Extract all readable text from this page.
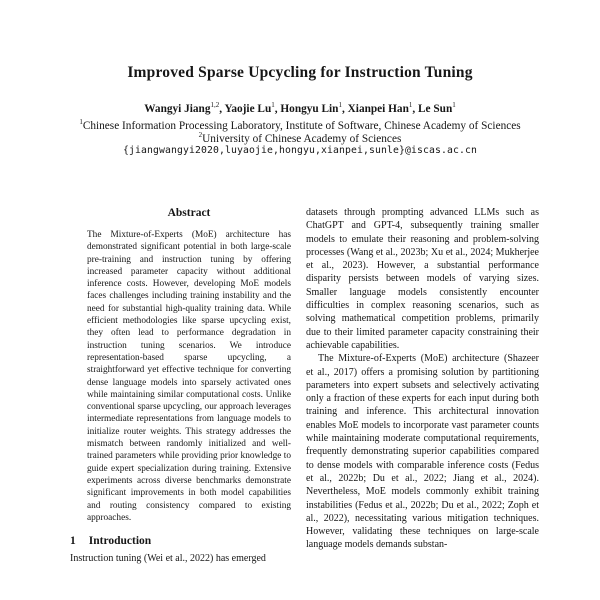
Improved Sparse Upcycling for Instruction Tuning
Wangyi Jiang$^{1,2}$, Yaojie Lu$^1$, Hongyu Lin$^1$, Xianpei Han$^1$, Le Sun$^1$
$^1$Chinese Information Processing Laboratory, Institute of Software, Chinese Academy of Sciences
$^2$University of Chinese Academy of Sciences
{jiangwangyi2020,luyaojie,hongyu,xianpei,sunle}@iscas.ac.cn
Abstract

The Mixture-of-Experts (MoE) architecture has demonstrated significant potential in both large-scale pre-training and instruction tuning by offering increased parameter capacity without additional inference costs. However, developing MoE models faces challenges including training instability and the need for substantial high-quality training data. While efficient methodologies like sparse upcycling exist, they often lead to performance degradation in instruction tuning scenarios. We introduce representation-based sparse upcycling, a straightforward yet effective technique for converting dense language models into sparsely activated ones while maintaining similar computational costs. Unlike conventional sparse upcycling, our approach leverages intermediate representations from language models to initialize router weights. This strategy addresses the mismatch between randomly initialized and well-trained parameters while providing prior knowledge to guide expert specialization during training. Extensive experiments across diverse benchmarks demonstrate significant improvements in both model capabilities and routing consistency compared to existing approaches.

1 Introduction

Instruction tuning (Wei et al., 2022) has emerged

datasets through prompting advanced LLMs such as ChatGPT and GPT-4, subsequently training smaller models to emulate their reasoning and problem-solving processes (Wang et al., 2023b; Xu et al., 2024; Mukherjee et al., 2023). However, a substantial performance disparity persists between models of varying sizes. Smaller language models consistently encounter difficulties in complex reasoning scenarios, such as solving mathematical competition problems, primarily due to their limited parameter capacity constraining their achievable capabilities.

The Mixture-of-Experts (MoE) architecture (Shazeer et al., 2017) offers a promising solution by partitioning parameters into expert subsets and selectively activating only a fraction of these experts for each input during both training and inference. This architectural innovation enables MoE models to incorporate vast parameter counts while maintaining moderate computational requirements, frequently demonstrating superior capabilities compared to dense models with comparable inference costs (Fedus et al., 2022b; Du et al., 2022; Jiang et al., 2024). Nevertheless, MoE models commonly exhibit training instabilities (Fedus et al., 2022b; Du et al., 2022; Zoph et al., 2022), necessitating various mitigation techniques. However, validating these techniques on large-scale language models demands substan-
